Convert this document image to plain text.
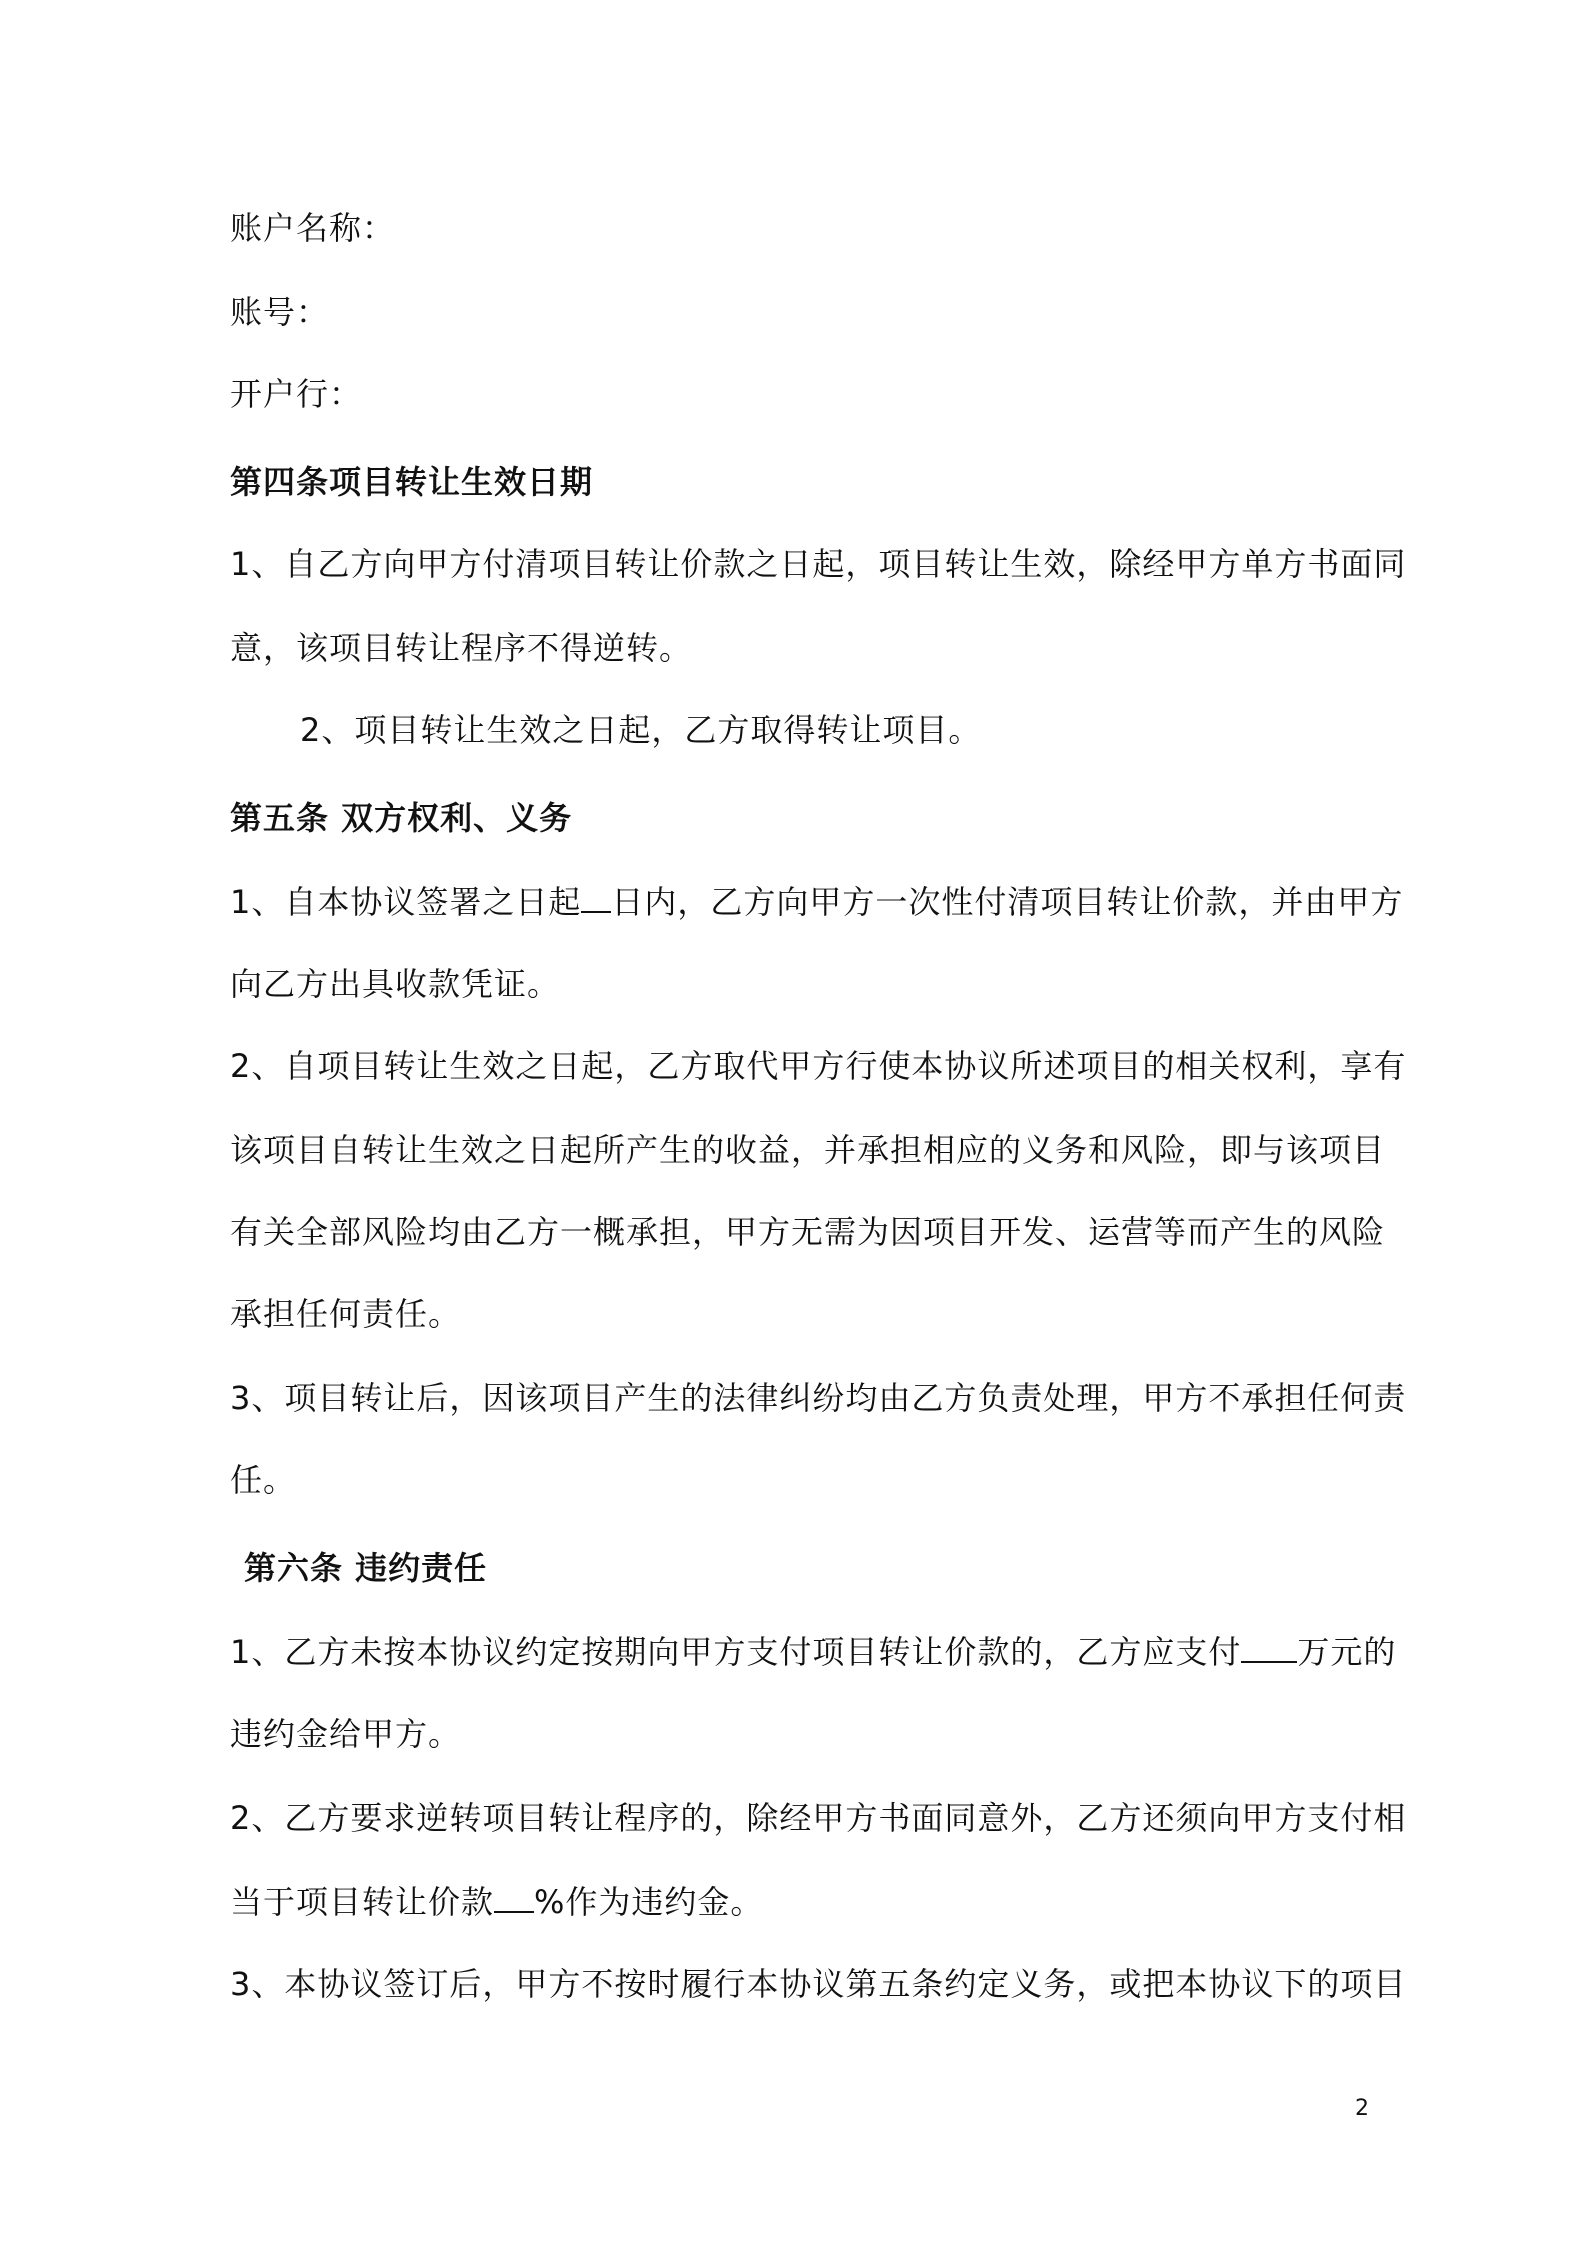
账户名称：
账号：
开户行：
第四条项目转让生效日期
1、自乙方向甲方付清项目转让价款之日起，项目转让生效，除经甲方单方书面同
意，该项目转让程序不得逆转。
2、项目转让生效之日起，乙方取得转让项目。
第五条 双方权利、义务
1、自本协议签署之日起 日内，乙方向甲方一次性付清项目转让价款，并由甲方
向乙方出具收款凭证。
2、自项目转让生效之日起，乙方取代甲方行使本协议所述项目的相关权利，享有
该项目自转让生效之日起所产生的收益，并承担相应的义务和风险，即与该项目
有关全部风险均由乙方一概承担，甲方无需为因项目开发、运营等而产生的风险
承担任何责任。
3、项目转让后，因该项目产生的法律纠纷均由乙方负责处理，甲方不承担任何责
任。
第六条 违约责任
1、乙方未按本协议约定按期向甲方支付项目转让价款的，乙方应支付 万元的
违约金给甲方。
2、乙方要求逆转项目转让程序的，除经甲方书面同意外，乙方还须向甲方支付相
当于项目转让价款 %作为违约金。
3、本协议签订后，甲方不按时履行本协议第五条约定义务，或把本协议下的项目
2
